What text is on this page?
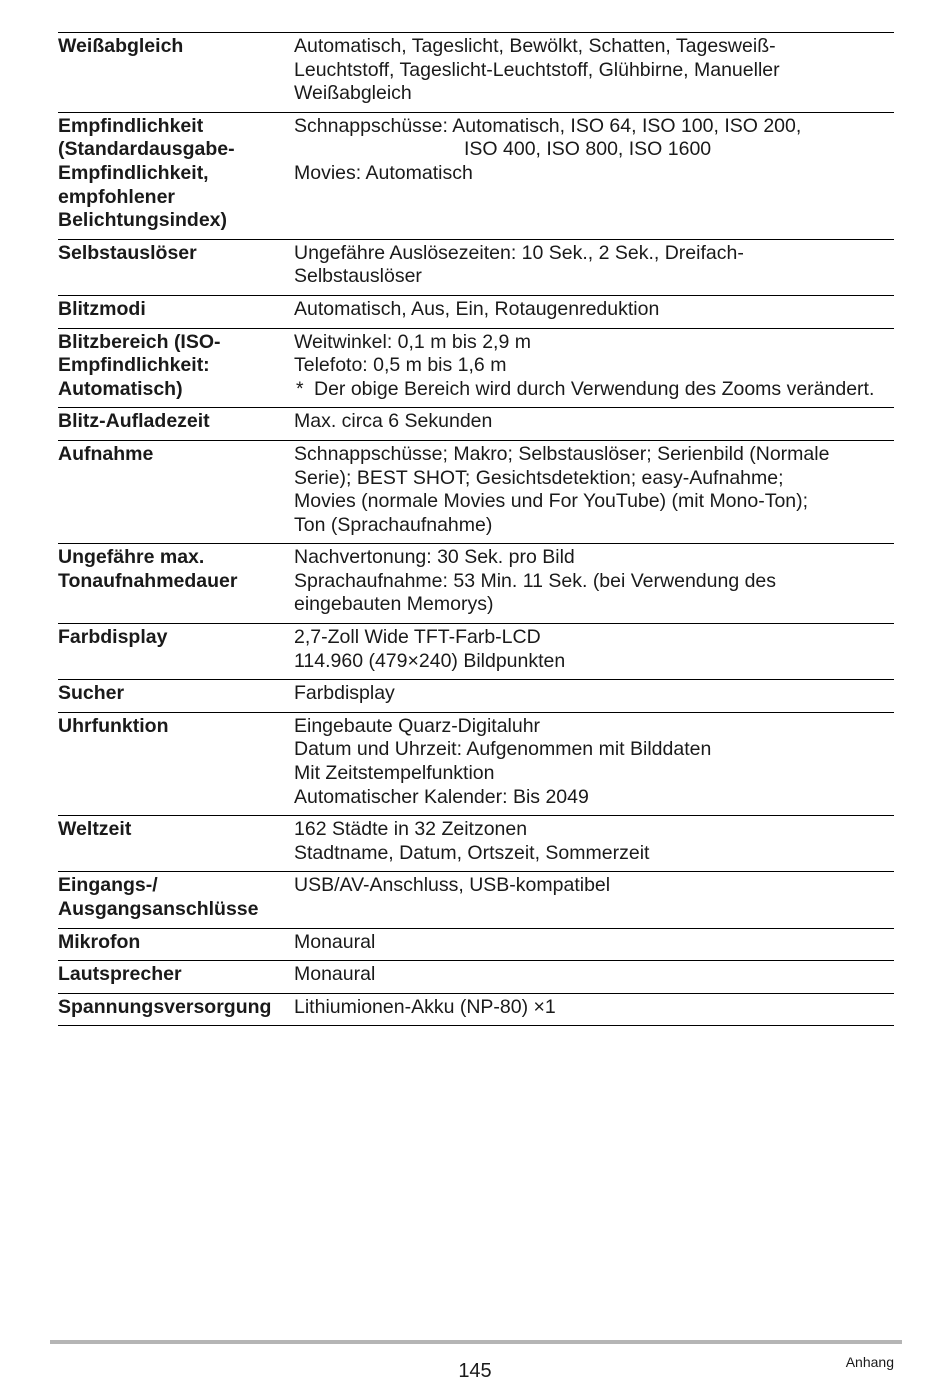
Weißabgleich	Automatisch, Tageslicht, Bewölkt, Schatten, Tagesweiß-
Leuchtstoff, Tageslicht-Leuchtstoff, Glühbirne, Manueller
Weißabgleich

Empfindlichkeit
(Standardausgabe-
Empfindlichkeit,
empfohlener
Belichtungsindex)	Schnappschüsse: Automatisch, ISO 64, ISO 100, ISO 200,
ISO 400, ISO 800, ISO 1600
Movies: Automatisch

Selbstauslöser	Ungefähre Auslösezeiten: 10 Sek., 2 Sek., Dreifach-
Selbstauslöser

Blitzmodi	Automatisch, Aus, Ein, Rotaugenreduktion

Blitzbereich (ISO-
Empfindlichkeit:
Automatisch)	Weitwinkel: 0,1 m bis 2,9 m
Telefoto: 0,5 m bis 1,6 m
* Der obige Bereich wird durch Verwendung des Zooms verändert.

Blitz-Aufladezeit	Max. circa 6 Sekunden

Aufnahme	Schnappschüsse; Makro; Selbstauslöser; Serienbild (Normale
Serie); BEST SHOT; Gesichtsdetektion; easy-Aufnahme;
Movies (normale Movies und For YouTube) (mit Mono-Ton);
Ton (Sprachaufnahme)

Ungefähre max.
Tonaufnahmedauer	Nachvertonung: 30 Sek. pro Bild
Sprachaufnahme: 53 Min. 11 Sek. (bei Verwendung des
eingebauten Memorys)

Farbdisplay	2,7-Zoll Wide TFT-Farb-LCD
114.960 (479×240) Bildpunkten

Sucher	Farbdisplay

Uhrfunktion	Eingebaute Quarz-Digitaluhr
Datum und Uhrzeit: Aufgenommen mit Bilddaten
Mit Zeitstempelfunktion
Automatischer Kalender: Bis 2049

Weltzeit	162 Städte in 32 Zeitzonen
Stadtname, Datum, Ortszeit, Sommerzeit

Eingangs-/
Ausgangsanschlüsse	USB/AV-Anschluss, USB-kompatibel

Mikrofon	Monaural

Lautsprecher	Monaural

Spannungsversorgung	Lithiumionen-Akku (NP-80) ×1
145	Anhang
